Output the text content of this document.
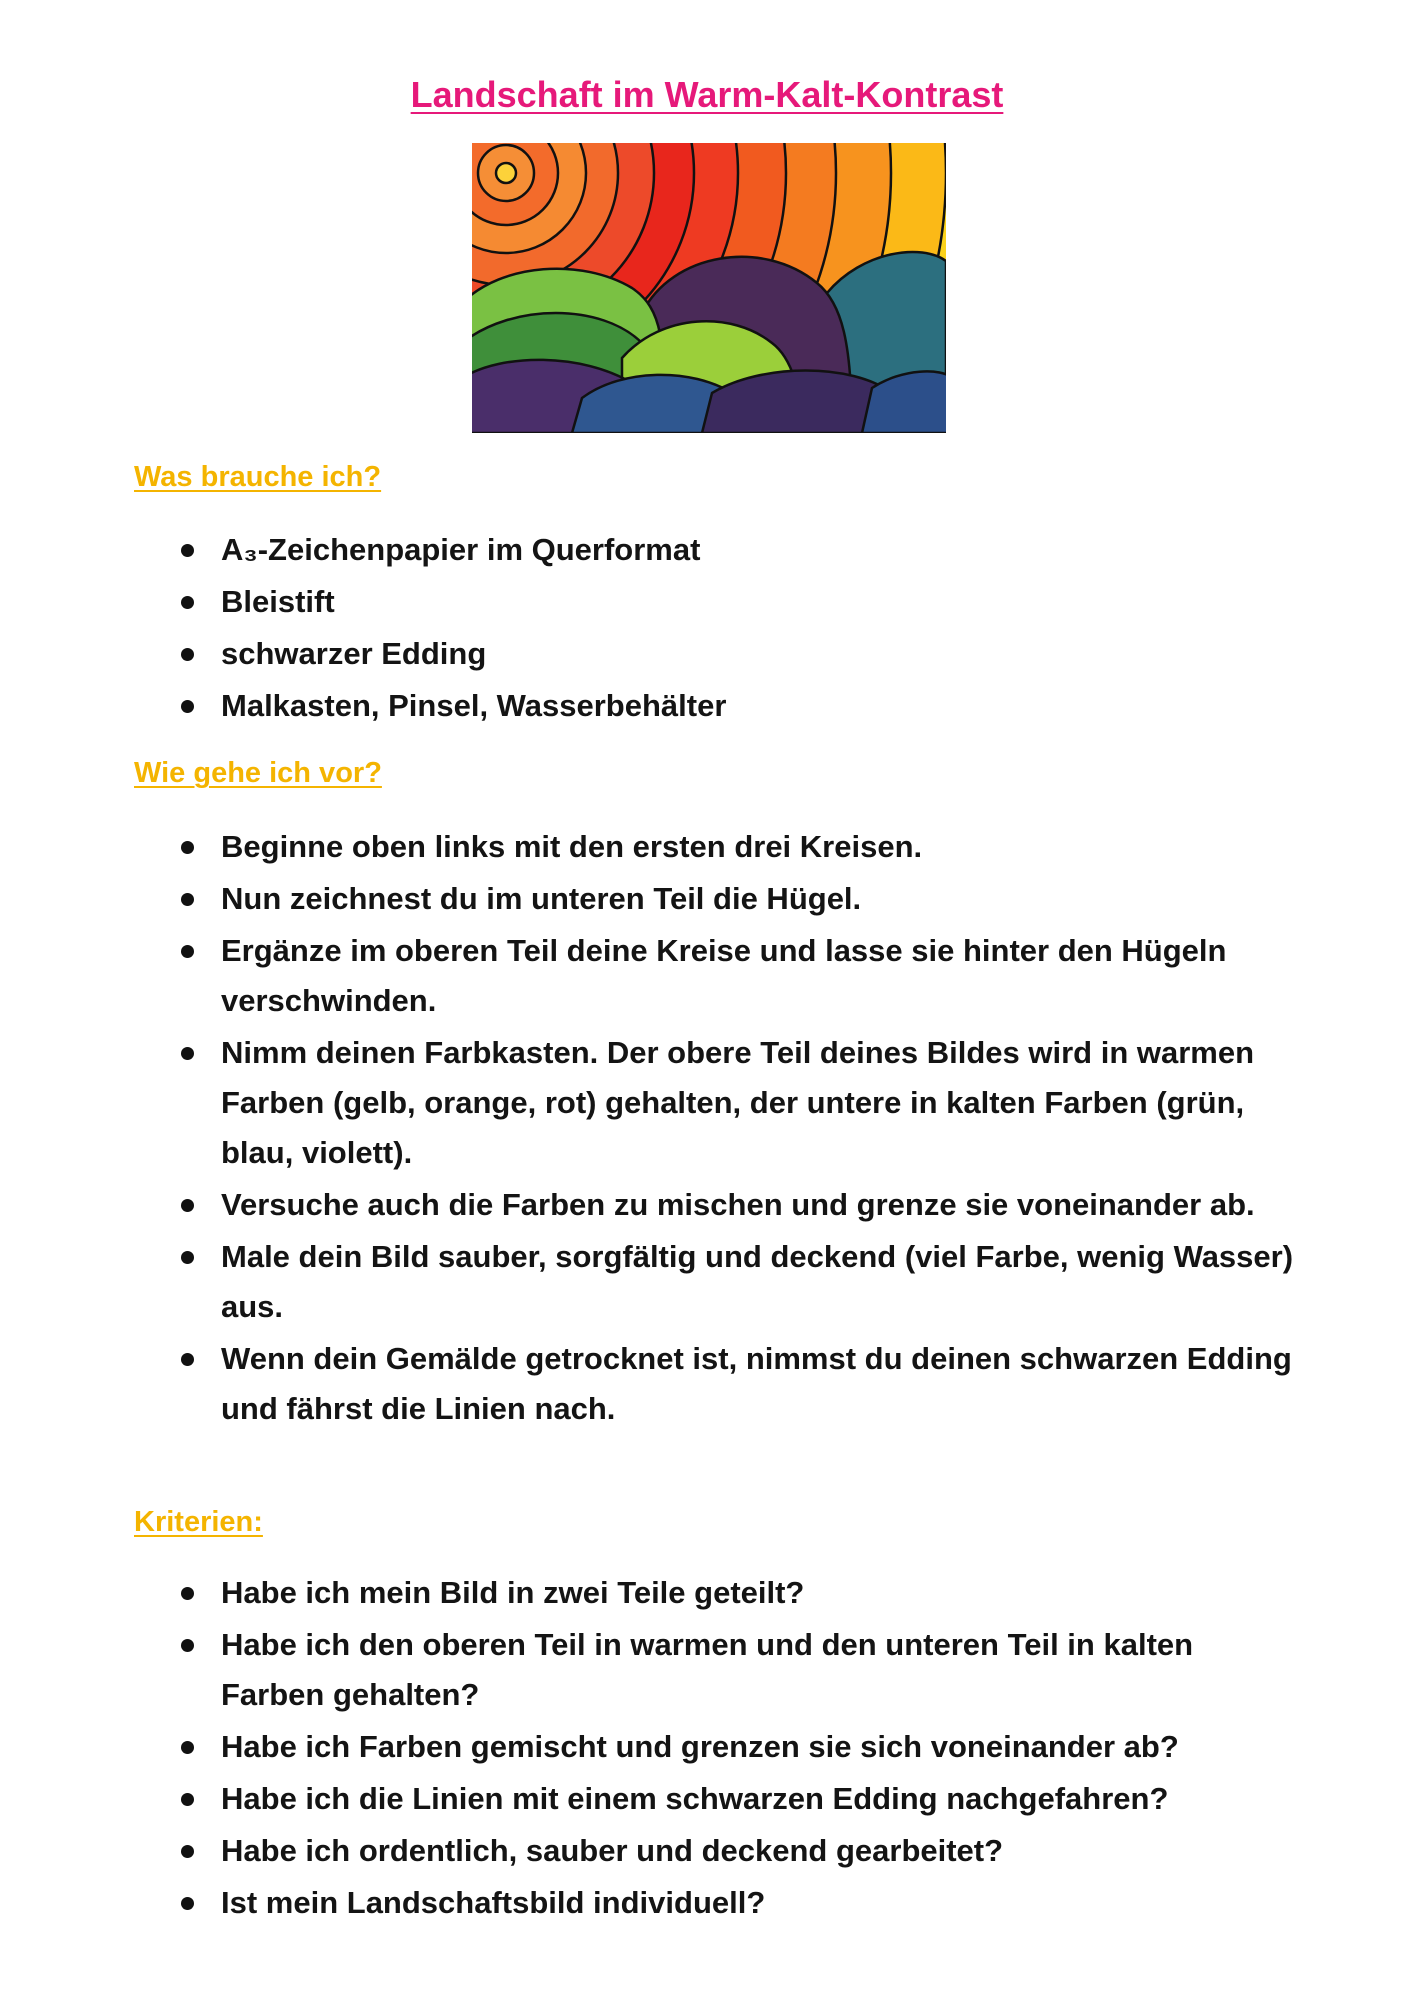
Landschaft im Warm-Kalt-Kontrast
Was brauche ich?
A₃-Zeichenpapier im Querformat
Bleistift
schwarzer Edding
Malkasten, Pinsel, Wasserbehälter
Wie gehe ich vor?
Beginne oben links mit den ersten drei Kreisen.
Nun zeichnest du im unteren Teil die Hügel.
Ergänze im oberen Teil deine Kreise und lasse sie hinter den Hügeln verschwinden.
Nimm deinen Farbkasten. Der obere Teil deines Bildes wird in warmen Farben (gelb, orange, rot) gehalten, der untere in kalten Farben (grün, blau, violett).
Versuche auch die Farben zu mischen und grenze sie voneinander ab.
Male dein Bild sauber, sorgfältig und deckend (viel Farbe, wenig Wasser) aus.
Wenn dein Gemälde getrocknet ist, nimmst du deinen schwarzen Edding und fährst die Linien nach.
Kriterien:
Habe ich mein Bild in zwei Teile geteilt?
Habe ich den oberen Teil in warmen und den unteren Teil in kalten Farben gehalten?
Habe ich Farben gemischt und grenzen sie sich voneinander ab?
Habe ich die Linien mit einem schwarzen Edding nachgefahren?
Habe ich ordentlich, sauber und deckend gearbeitet?
Ist mein Landschaftsbild individuell?
